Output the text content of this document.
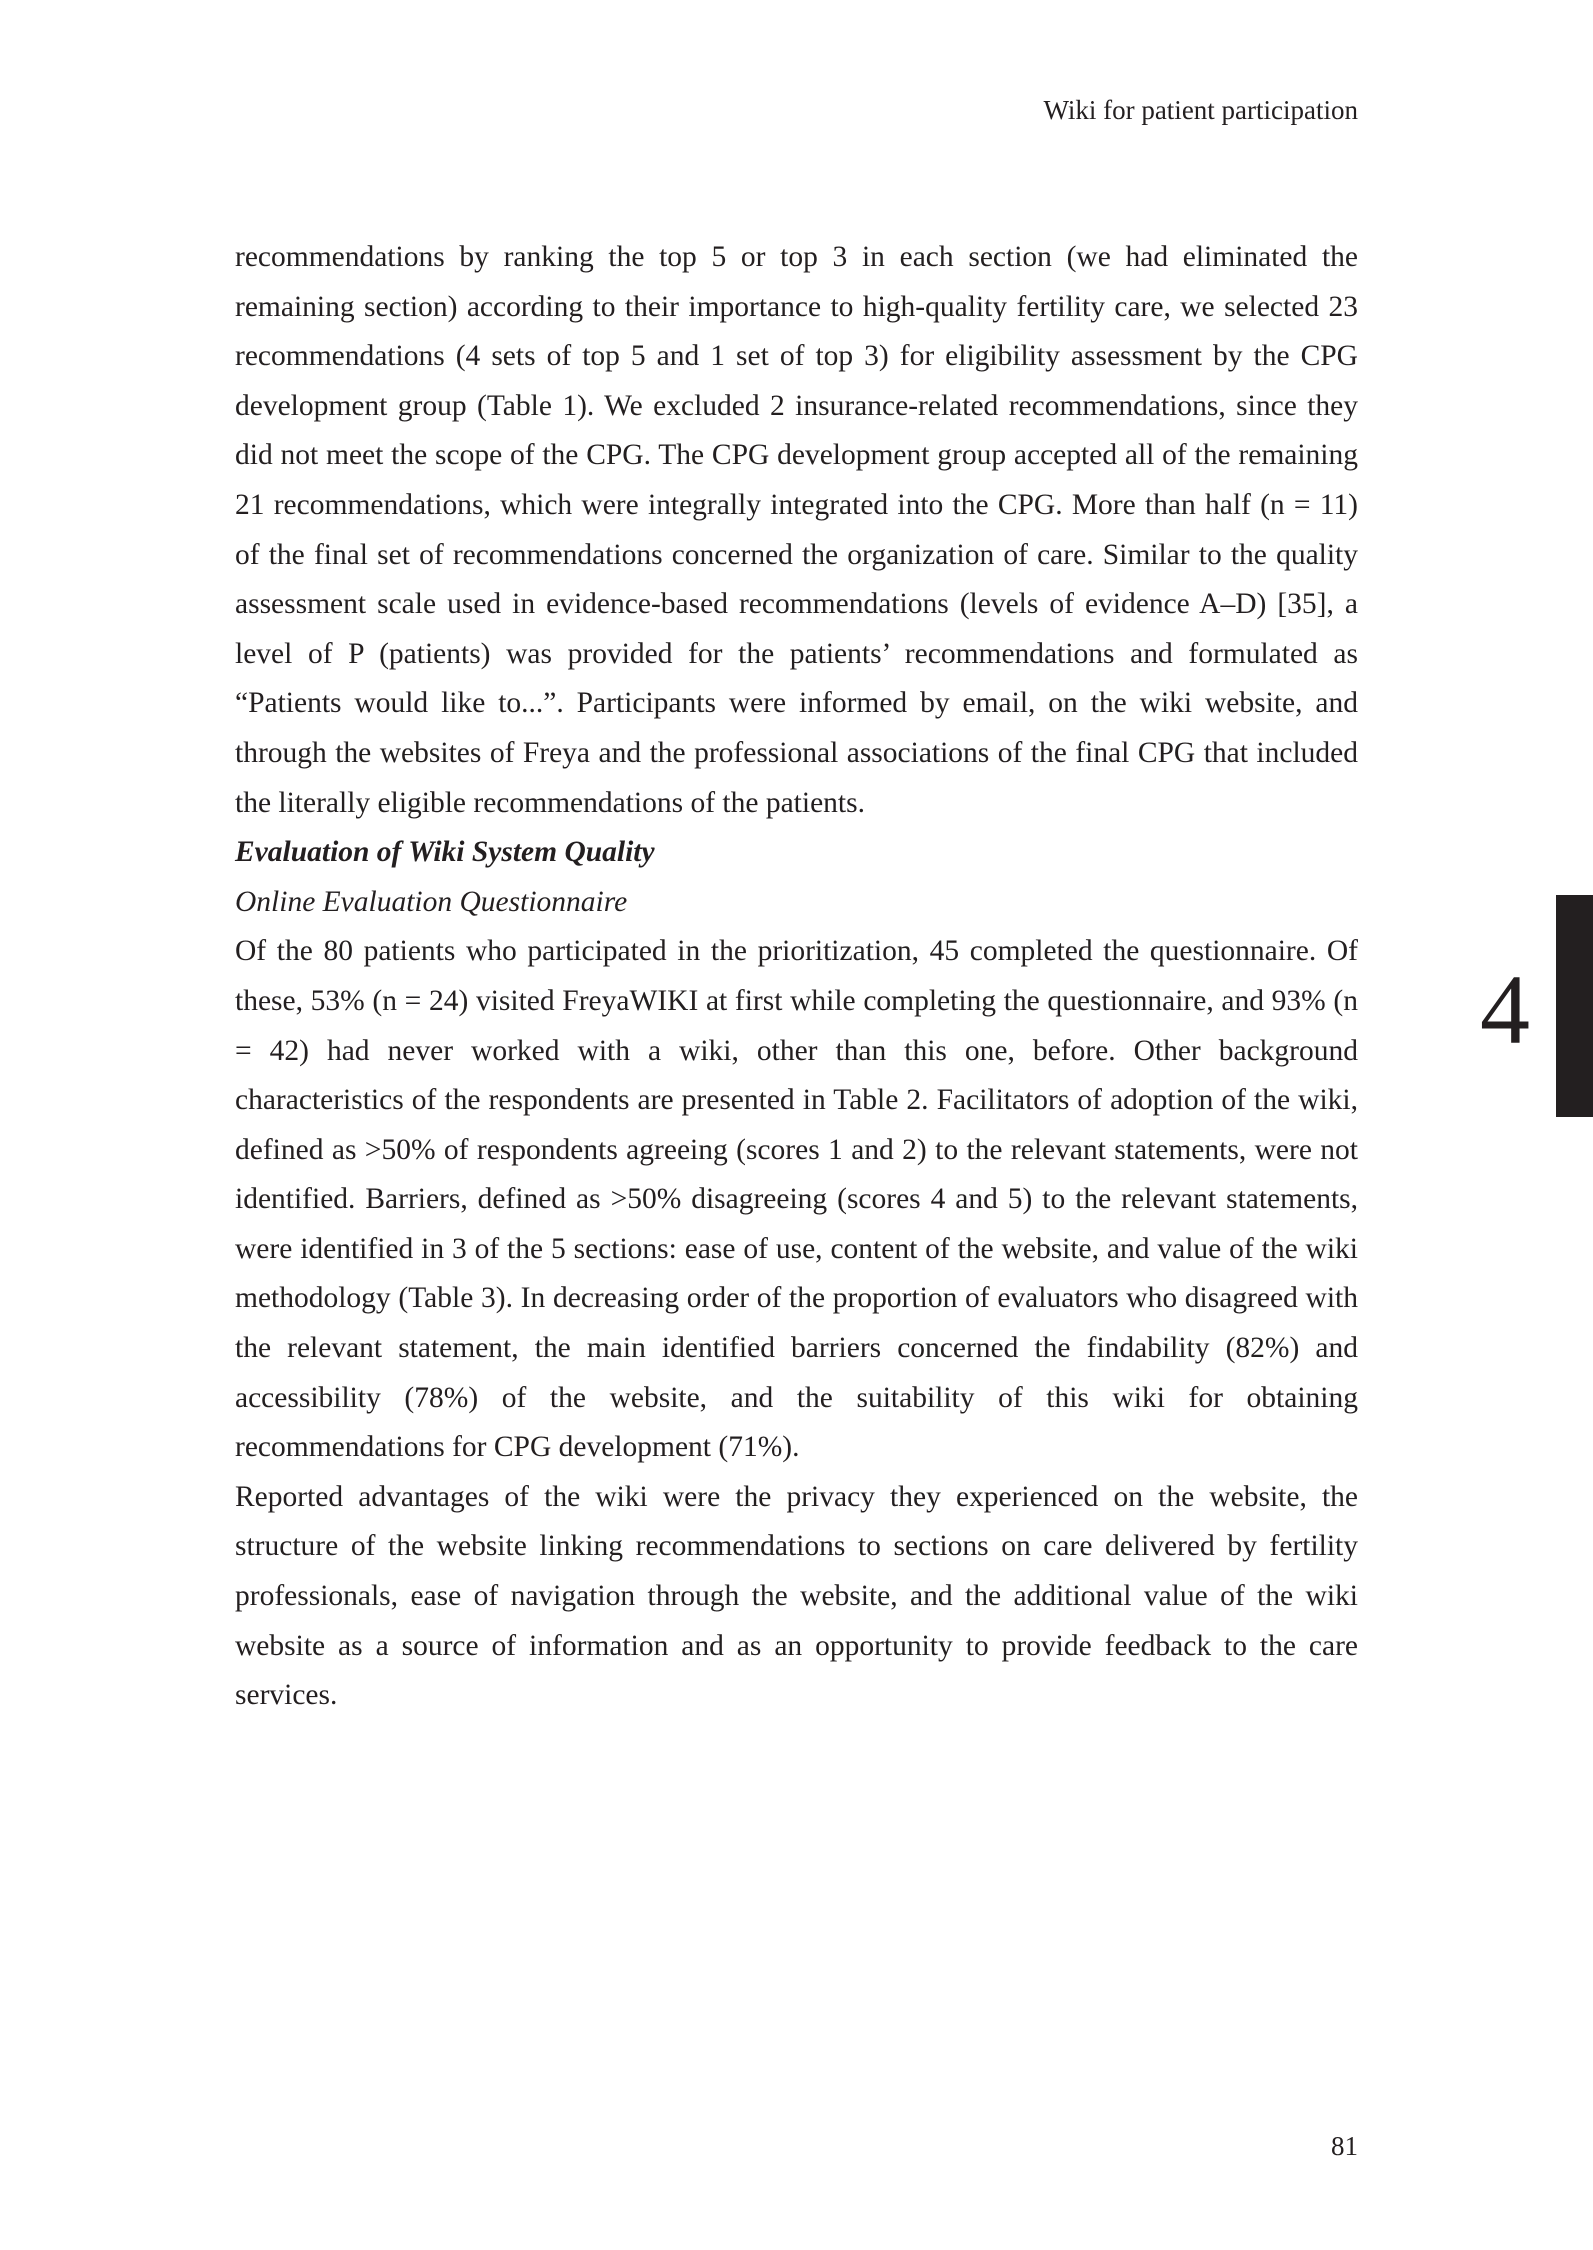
Wiki for patient participation
4

recommendations by ranking the top 5 or top 3 in each section (we had eliminated the remaining section) according to their importance to high-quality fertility care, we selected 23 recommendations (4 sets of top 5 and 1 set of top 3) for eligibility assessment by the CPG development group (Table 1). We excluded 2 insurance-related recommendations, since they did not meet the scope of the CPG. The CPG development group accepted all of the remaining 21 recommendations, which were integrally integrated into the CPG. More than half (n = 11) of the final set of recommendations concerned the organization of care. Similar to the quality assessment scale used in evidence-based recommendations (levels of evidence A–D) [35], a level of P (patients) was provided for the patients’ recommendations and formulated as “Patients would like to...”. Participants were informed by email, on the wiki website, and through the websites of Freya and the professional associations of the final CPG that included the literally eligible recommendations of the patients.

Evaluation of Wiki System Quality

Online Evaluation Questionnaire

Of the 80 patients who participated in the prioritization, 45 completed the questionnaire. Of these, 53% (n = 24) visited FreyaWIKI at first while completing the questionnaire, and 93% (n = 42) had never worked with a wiki, other than this one, before. Other background characteristics of the respondents are presented in Table 2. Facilitators of adoption of the wiki, defined as >50% of respondents agreeing (scores 1 and 2) to the relevant statements, were not identified. Barriers, defined as >50% disagreeing (scores 4 and 5) to the relevant statements, were identified in 3 of the 5 sections: ease of use, content of the website, and value of the wiki methodology (Table 3). In decreasing order of the proportion of evaluators who disagreed with the relevant statement, the main identified barriers concerned the findability (82%) and accessibility (78%) of the website, and the suitability of this wiki for obtaining recommendations for CPG development (71%).

Reported advantages of the wiki were the privacy they experienced on the website, the structure of the website linking recommendations to sections on care delivered by fertility professionals, ease of navigation through the website, and the additional value of the wiki website as a source of information and as an opportunity to provide feedback to the care services.

81
